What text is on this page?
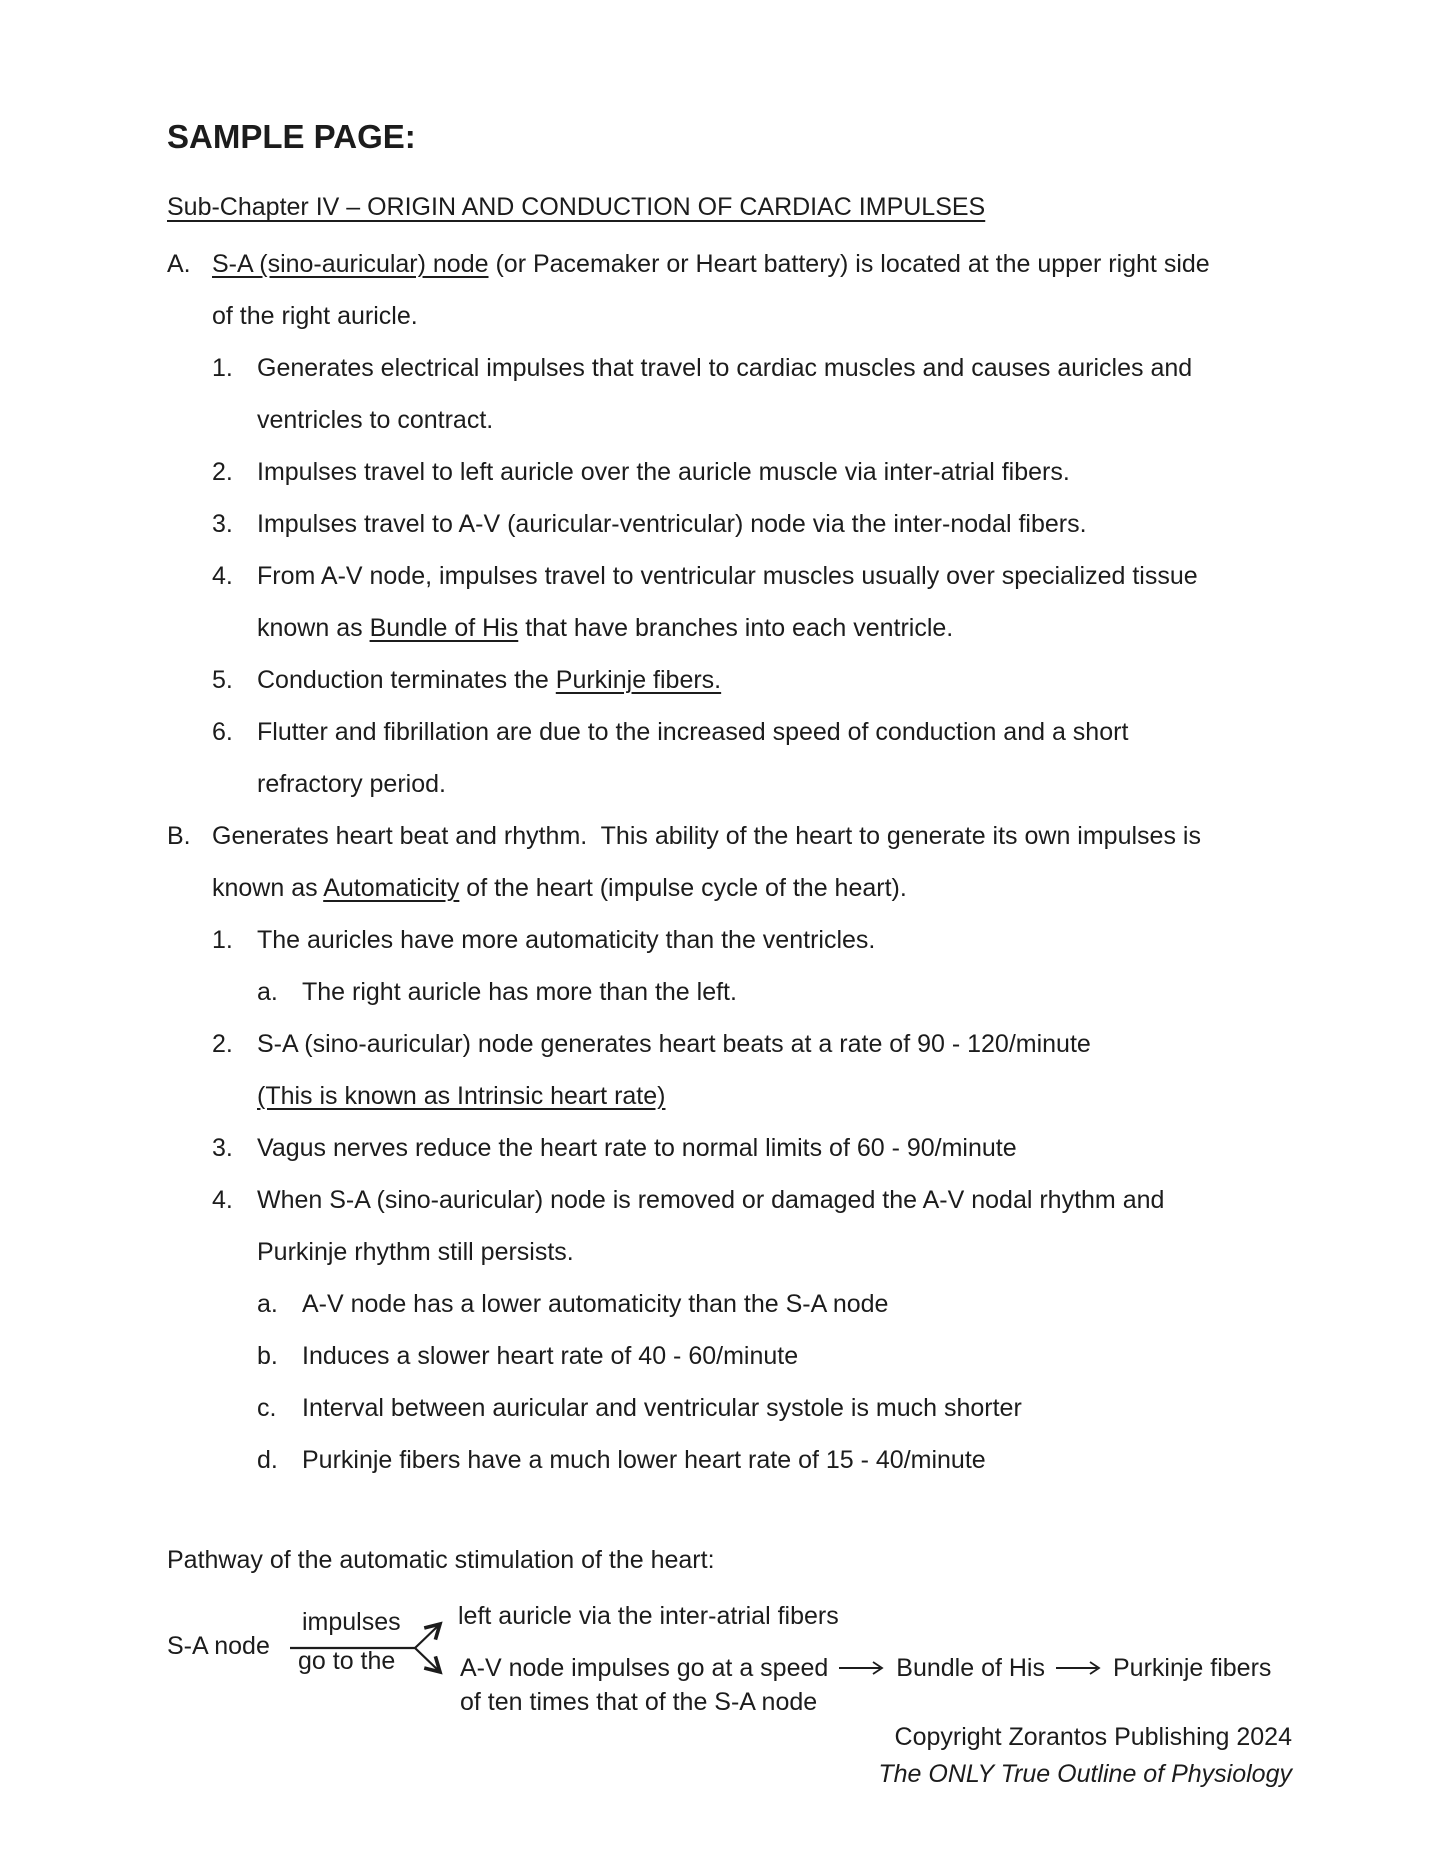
SAMPLE PAGE:
Sub-Chapter IV – ORIGIN AND CONDUCTION OF CARDIAC IMPULSES
A. S-A (sino-auricular) node (or Pacemaker or Heart battery) is located at the upper right side
of the right auricle.
1. Generates electrical impulses that travel to cardiac muscles and causes auricles and
ventricles to contract.
2. Impulses travel to left auricle over the auricle muscle via inter-atrial fibers.
3. Impulses travel to A-V (auricular-ventricular) node via the inter-nodal fibers.
4. From A-V node, impulses travel to ventricular muscles usually over specialized tissue
known as Bundle of His that have branches into each ventricle.
5. Conduction terminates the Purkinje fibers.
6. Flutter and fibrillation are due to the increased speed of conduction and a short
refractory period.
B. Generates heart beat and rhythm.  This ability of the heart to generate its own impulses is
known as Automaticity of the heart (impulse cycle of the heart).
1. The auricles have more automaticity than the ventricles.
a. The right auricle has more than the left.
2. S-A (sino-auricular) node generates heart beats at a rate of 90 - 120/minute
(This is known as Intrinsic heart rate)
3. Vagus nerves reduce the heart rate to normal limits of 60 - 90/minute
4. When S-A (sino-auricular) node is removed or damaged the A-V nodal rhythm and
Purkinje rhythm still persists.
a. A-V node has a lower automaticity than the S-A node
b. Induces a slower heart rate of 40 - 60/minute
c. Interval between auricular and ventricular systole is much shorter
d. Purkinje fibers have a much lower heart rate of 15 - 40/minute
Pathway of the automatic stimulation of the heart:
S-A node
impulses
go to the
left auricle via the inter-atrial fibers
A-V node impulses go at a speed	Bundle of His	Purkinje fibers
of ten times that of the S-A node
Copyright Zorantos Publishing 2024
The ONLY True Outline of Physiology
